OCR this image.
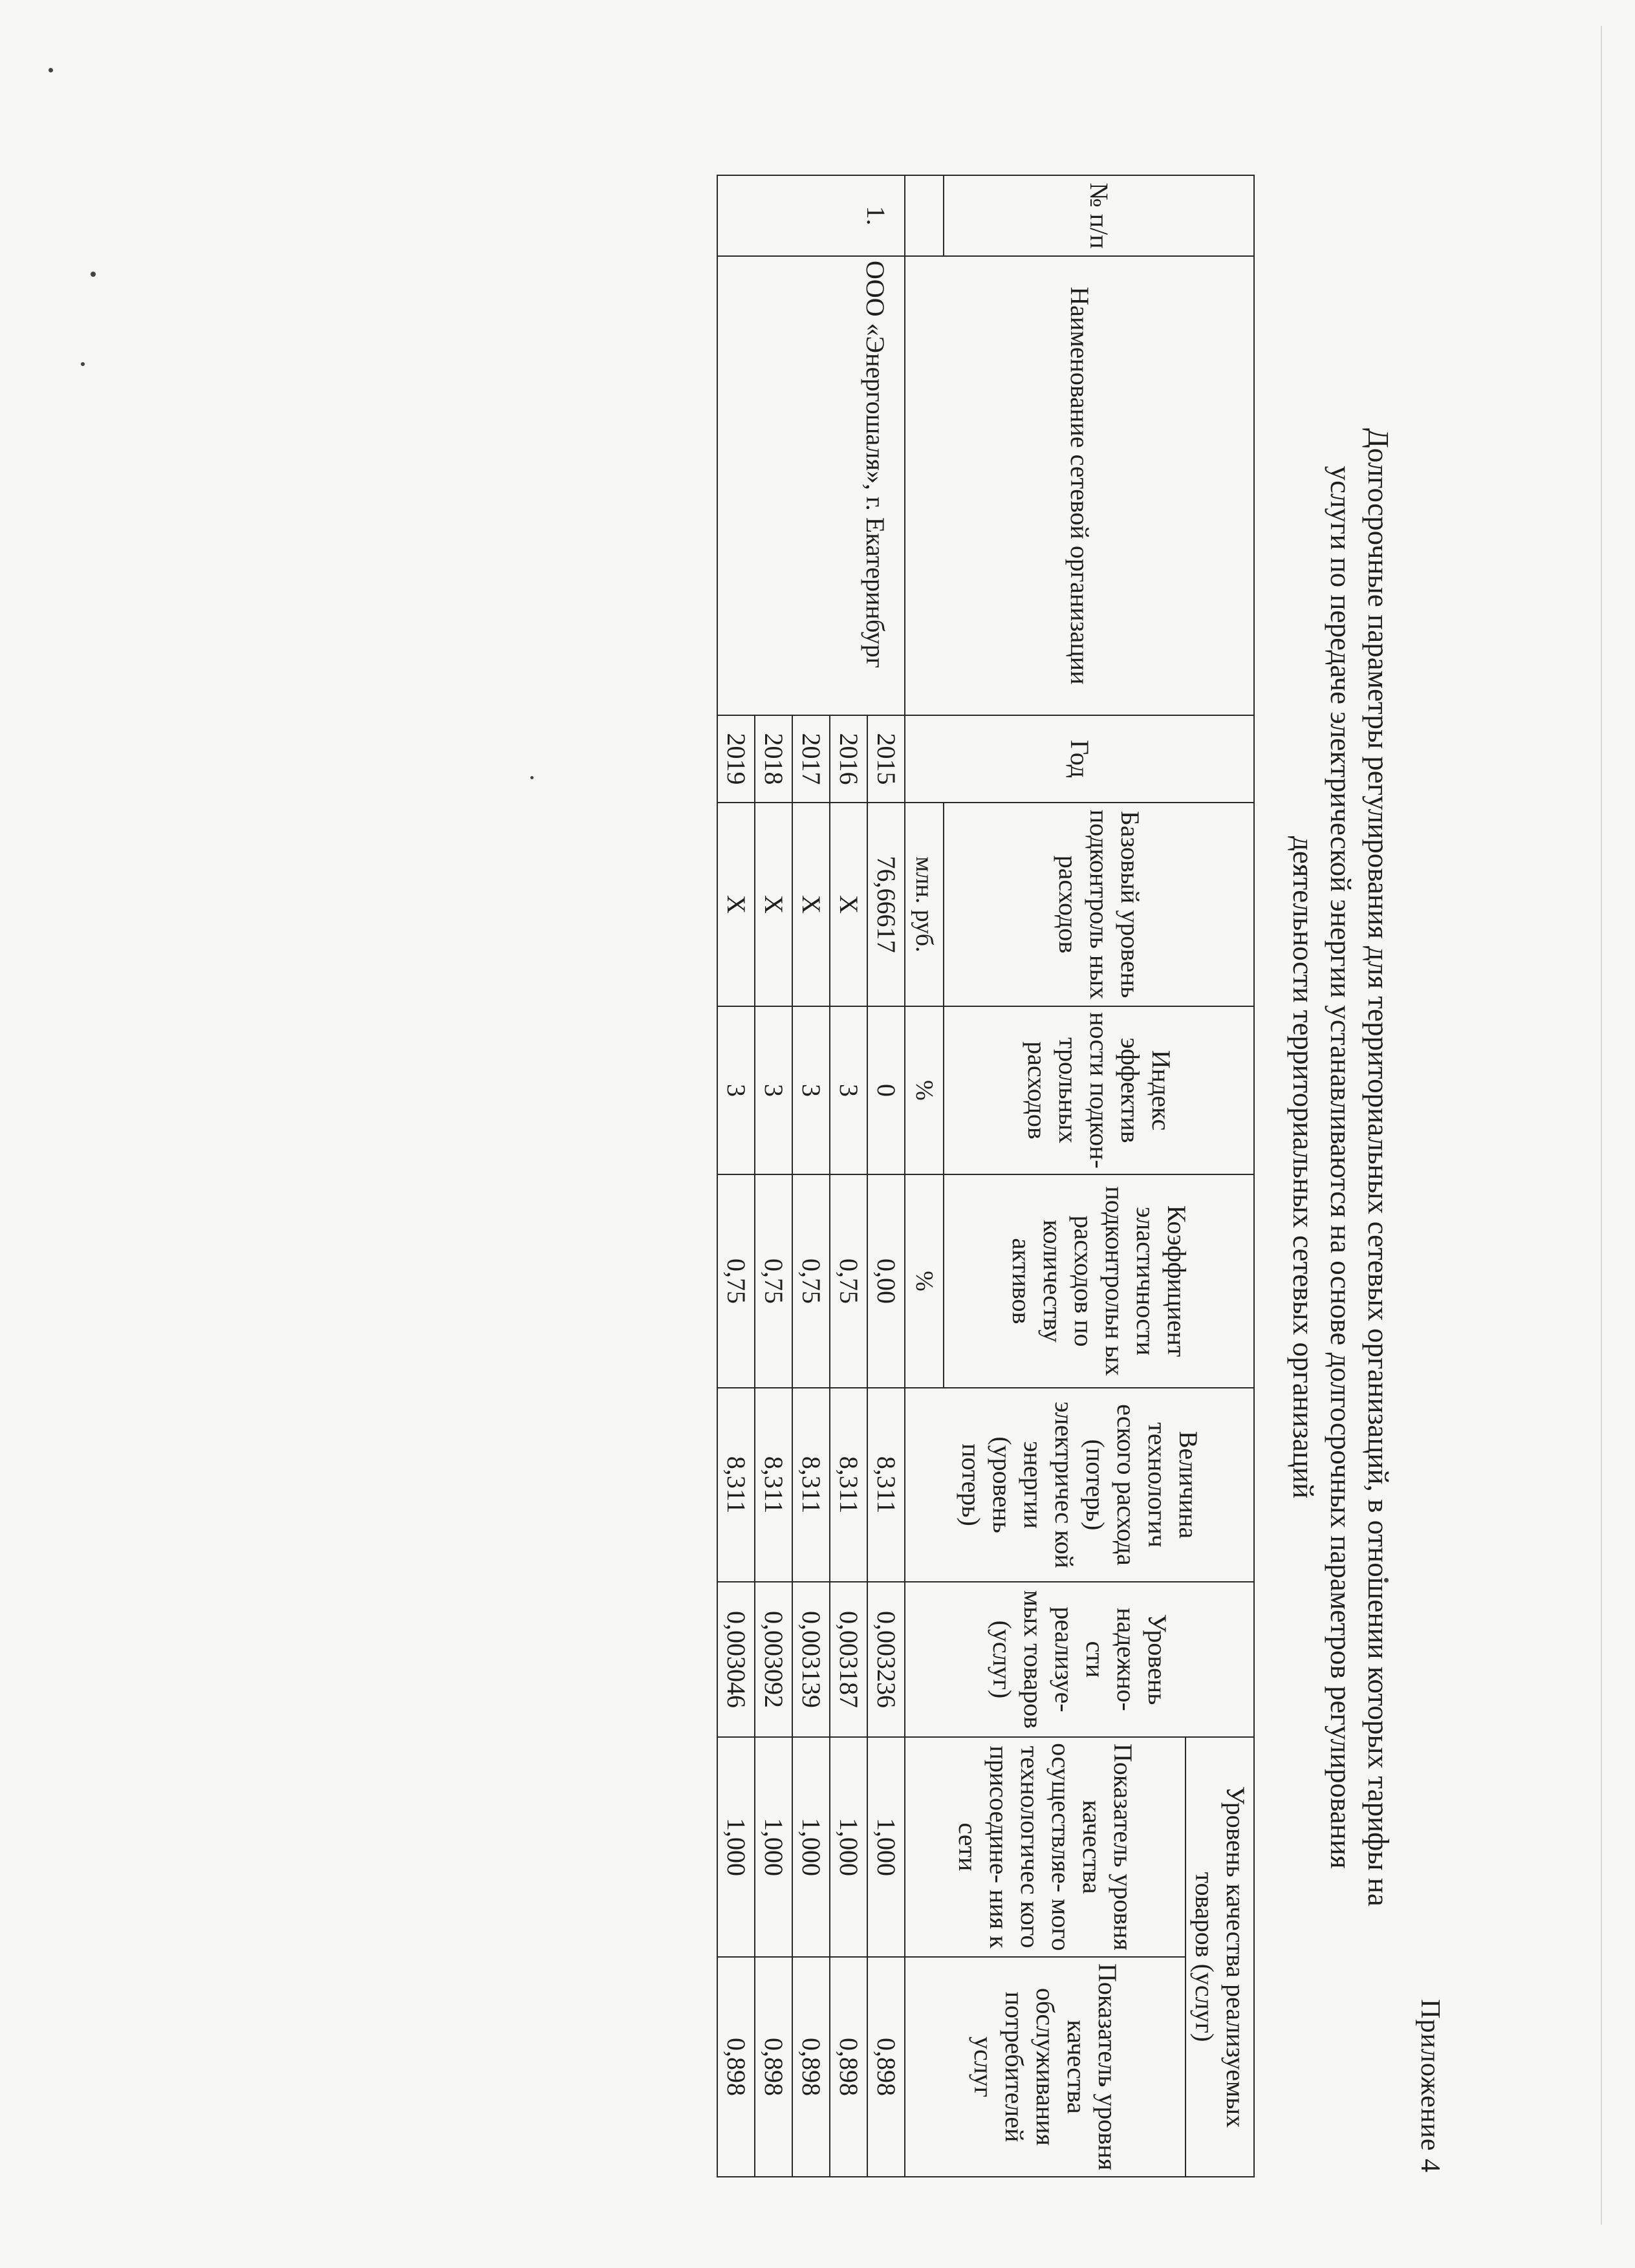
Приложение 4
Долгосрочные параметры регулирования для территориальных сетевых организаций, в отношении которых тарифы на
услуги по передаче электрической энергии устанавливаются на основе долгосрочных параметров регулирования
деятельности территориальных сетевых организаций
№ п/п	Наименование сетевой организации	Год	Базовый уровень подконтроль ных расходов	Индекс эффектив ности подкон- трольных расходов	Коэффициент эластичности подконтрольн ых расходов по количеству активов	Величина технологич еского расхода (потерь) электричес кой энергии (уровень потерь)	Уровень надежно- сти реализуе- мых товаров (услуг)	Уровень качества реализуемых товаров (услуг)	
								Показатель уровня качества осуществляе- мого технологичес кого присоедине- ния к сети	Показатель уровня качества обслуживания потребителей услуг
			млн. руб.	%	%				
1.	ООО «Энергошаля», г. Екатеринбург	2015	76,66617	0	0,00	8,311	0,003236	1,000	0,898
		2016	Х	3	0,75	8,311	0,003187	1,000	0,898
		2017	Х	3	0,75	8,311	0,003139	1,000	0,898
		2018	Х	3	0,75	8,311	0,003092	1,000	0,898
		2019	Х	3	0,75	8,311	0,003046	1,000	0,898
